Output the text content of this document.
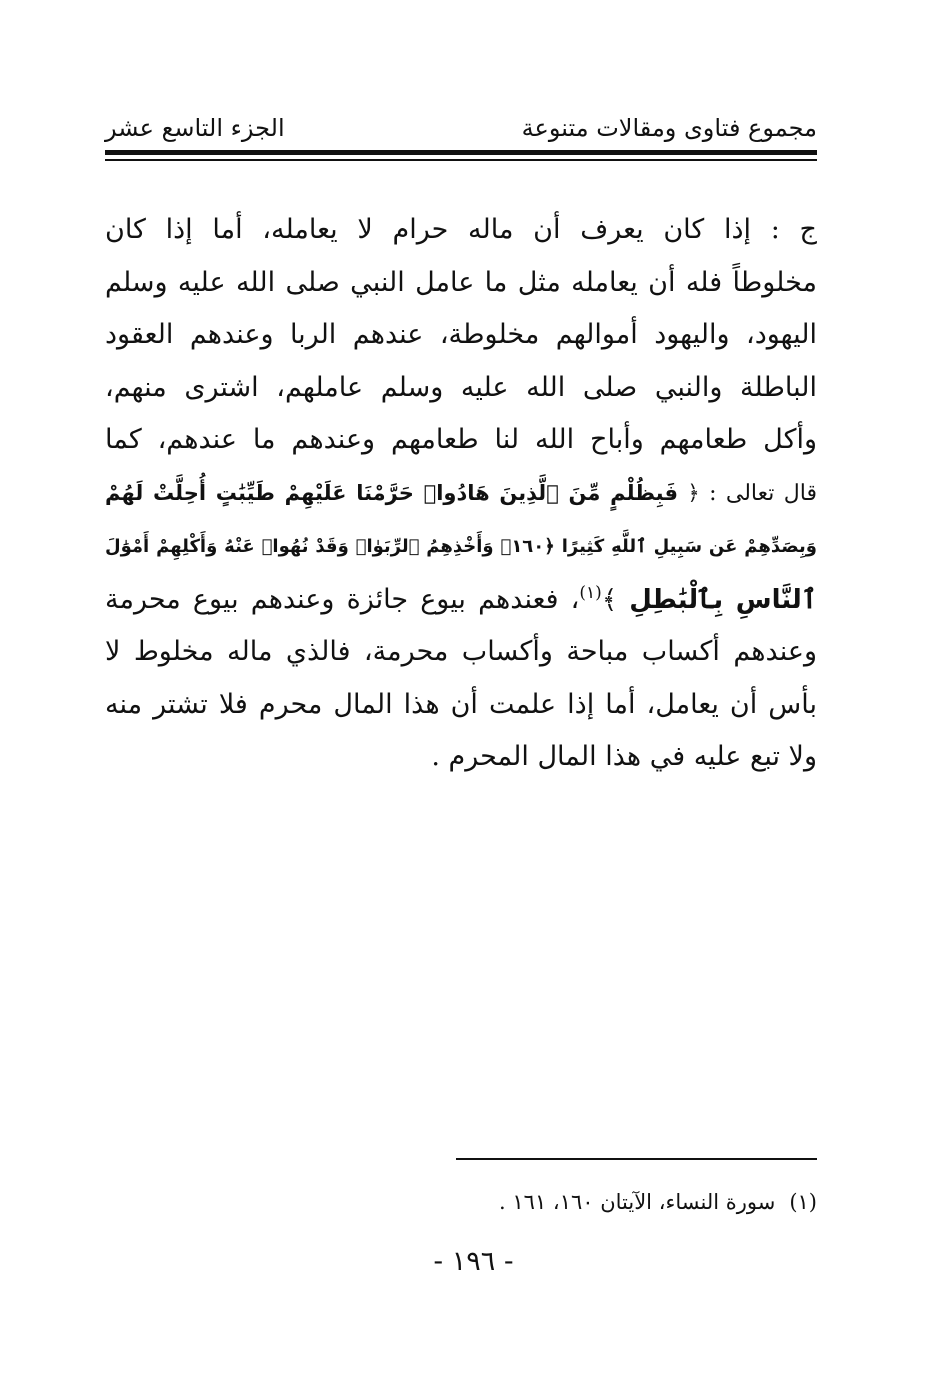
مجموع فتاوى ومقالات متنوعة
الجزء التاسع عشر
ج : إذا كان يعرف أن ماله حرام لا يعامله، أما إذا كان
مخلوطاً فله أن يعامله مثل ما عامل النبي صلى الله عليه وسلم
اليهود، واليهود أموالهم مخلوطة، عندهم الربا وعندهم العقود
الباطلة والنبي صلى الله عليه وسلم عاملهم، اشترى منهم،
وأكل طعامهم وأباح الله لنا طعامهم وعندهم ما عندهم، كما
قال تعالى : ﴿ فَبِظُلْمٍ مِّنَ ٱلَّذِينَ هَادُوا۟ حَرَّمْنَا عَلَيْهِمْ طَيِّبَٰتٍ أُحِلَّتْ لَهُمْ
وَبِصَدِّهِمْ عَن سَبِيلِ ٱللَّهِ كَثِيرًا ﴿١٦٠﴾ وَأَخْذِهِمُ ٱلرِّبَوٰا۟ وَقَدْ نُهُوا۟ عَنْهُ وَأَكْلِهِمْ أَمْوَٰلَ
ٱلنَّاسِ بِٱلْبَٰطِلِ ﴾$^{(١)}$، فعندهم بيوع جائزة وعندهم بيوع محرمة
وعندهم أكساب مباحة وأكساب محرمة، فالذي ماله مخلوط لا
بأس أن يعامل، أما إذا علمت أن هذا المال محرم فلا تشتر منه
ولا تبع عليه في هذا المال المحرم .
(١)سورة النساء، الآيتان ١٦٠، ١٦١ .
- ١٩٦ -
